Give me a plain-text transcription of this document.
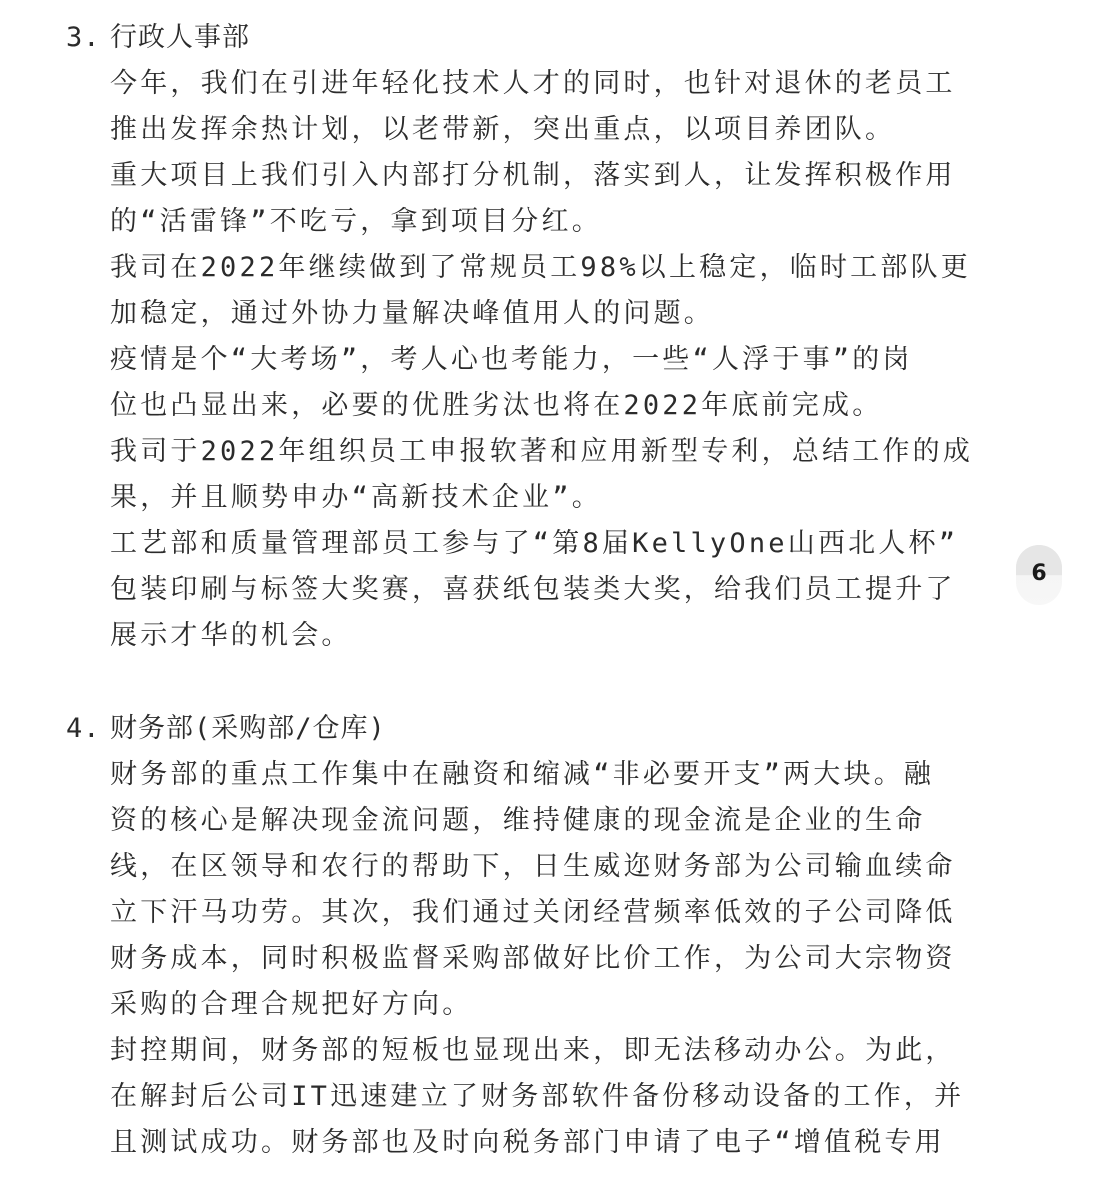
3. 行政人事部
今年，我们在引进年轻化技术人才的同时，也针对退休的老员工
推出发挥余热计划，以老带新，突出重点，以项目养团队。
重大项目上我们引入内部打分机制，落实到人，让发挥积极作用
的“活雷锋”不吃亏，拿到项目分红。
我司在2022年继续做到了常规员工98%以上稳定，临时工部队更
加稳定，通过外协力量解决峰值用人的问题。
疫情是个“大考场”，考人心也考能力，一些“人浮于事”的岗
位也凸显出来，必要的优胜劣汰也将在2022年底前完成。
我司于2022年组织员工申报软著和应用新型专利，总结工作的成
果，并且顺势申办“高新技术企业”。
工艺部和质量管理部员工参与了“第8届KellyOne山西北人杯”
包装印刷与标签大奖赛，喜获纸包装类大奖，给我们员工提升了
展示才华的机会。
4. 财务部(采购部/仓库)
财务部的重点工作集中在融资和缩减“非必要开支”两大块。融
资的核心是解决现金流问题，维持健康的现金流是企业的生命
线，在区领导和农行的帮助下，日生威迩财务部为公司输血续命
立下汗马功劳。其次，我们通过关闭经营频率低效的子公司降低
财务成本，同时积极监督采购部做好比价工作，为公司大宗物资
采购的合理合规把好方向。
封控期间，财务部的短板也显现出来，即无法移动办公。为此，
在解封后公司IT迅速建立了财务部软件备份移动设备的工作，并
且测试成功。财务部也及时向税务部门申请了电子“增值税专用
6
